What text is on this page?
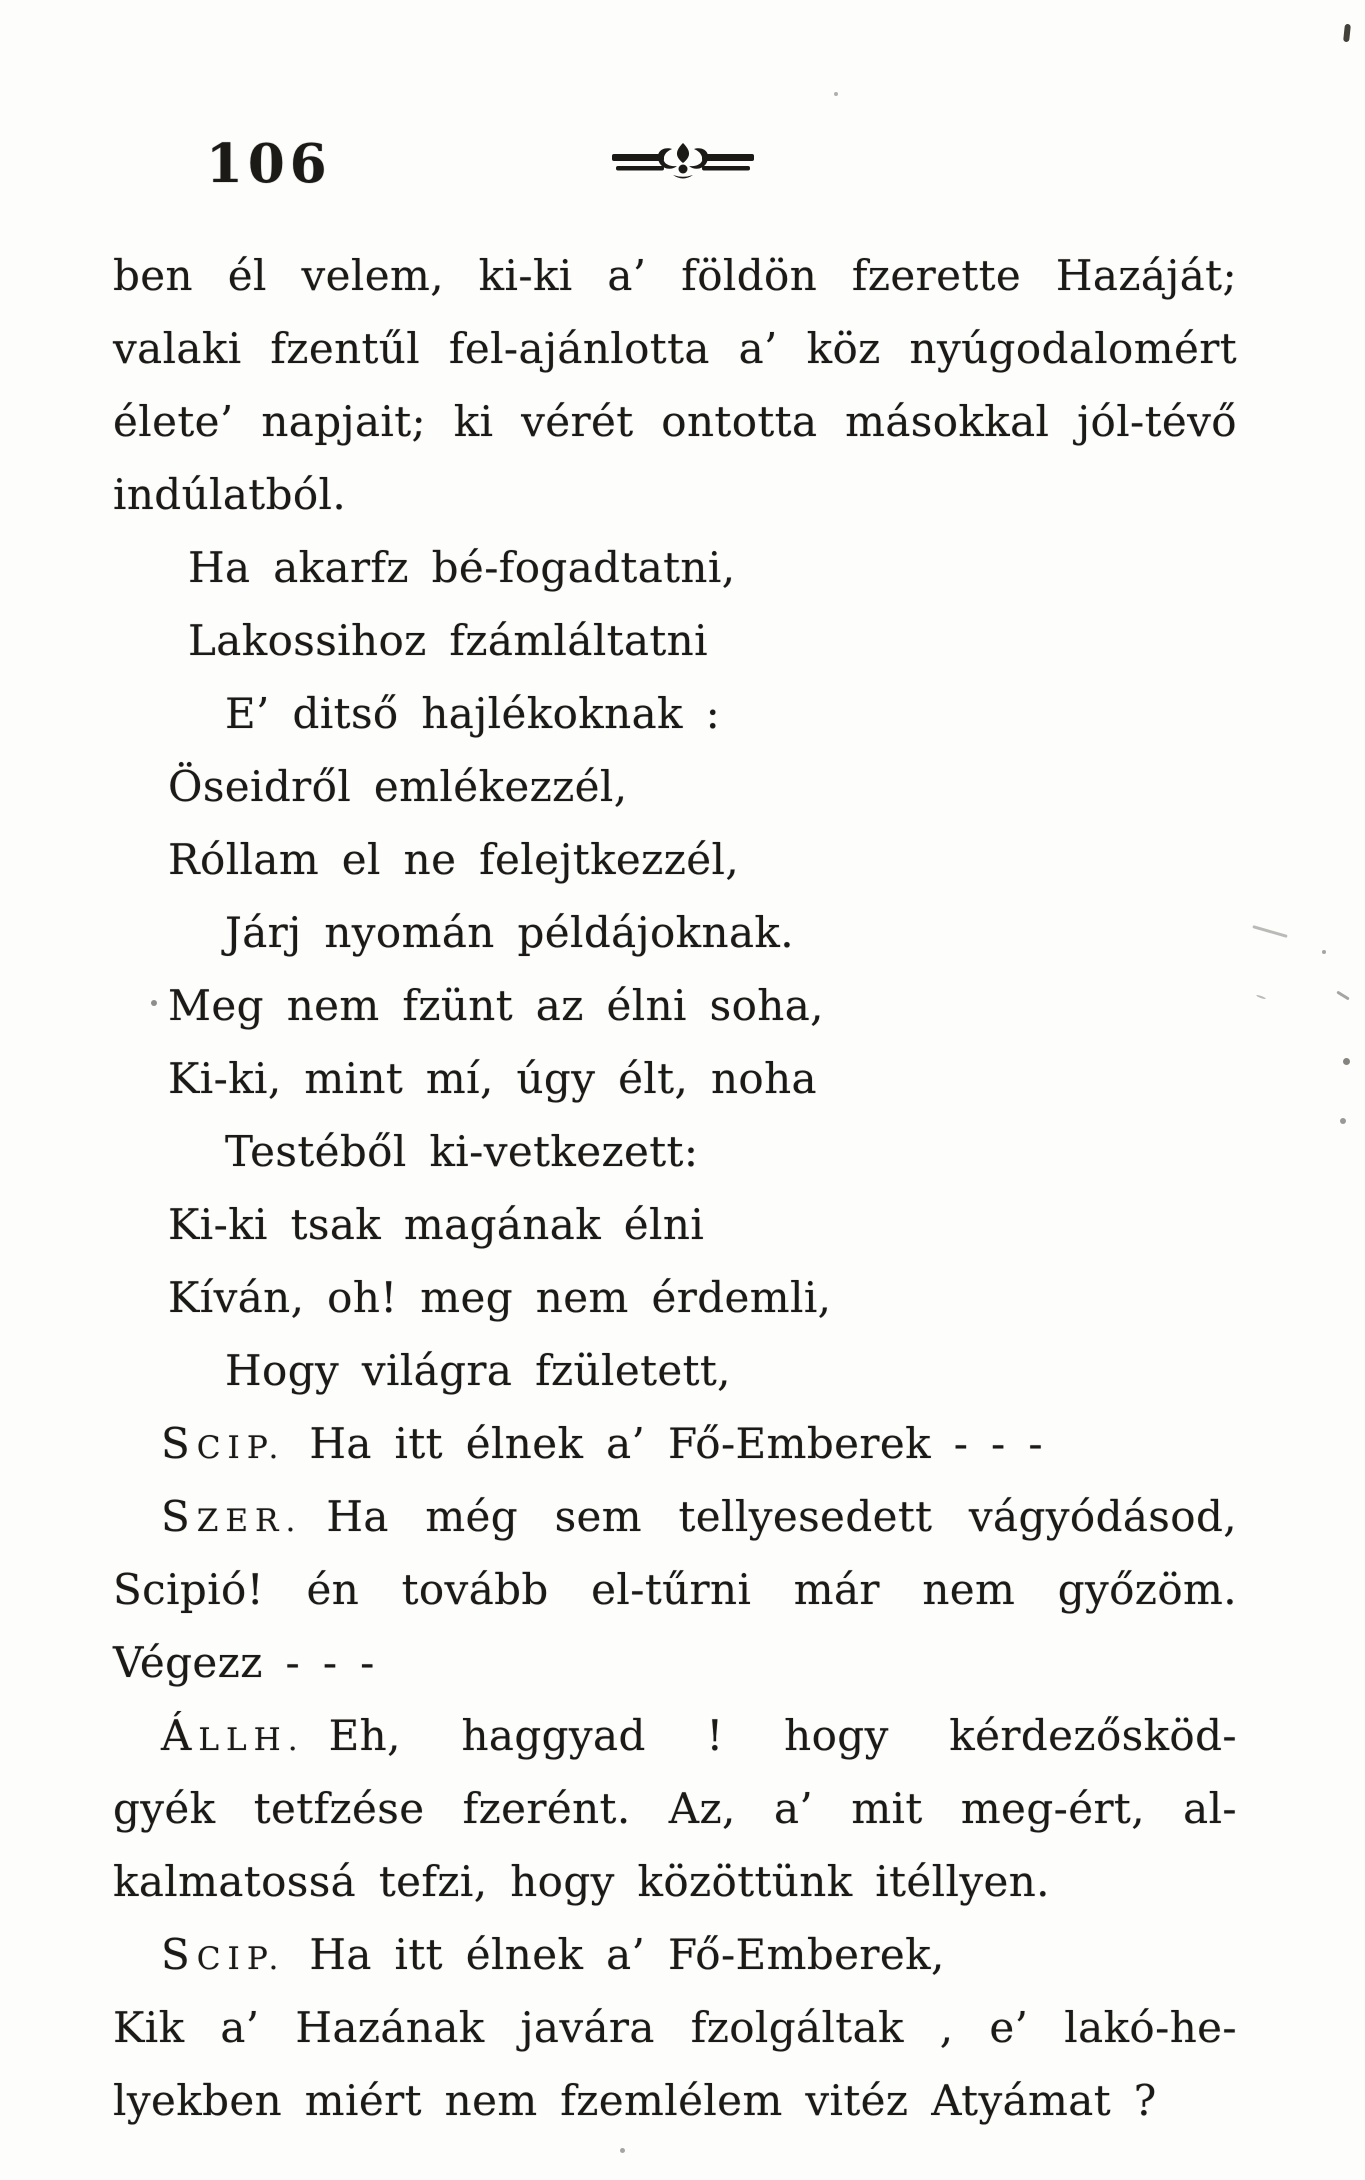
106
ben él velem, ki-ki a’ földön fzerette Hazáját;
valaki fzentűl fel-ajánlotta a’ köz nyúgodalomért
élete’ napjait; ki vérét ontotta másokkal jól-tévő
indúlatból.
Ha akarfz bé-fogadtatni,
Lakossihoz fzámláltatni
E’ ditső hajlékoknak :
Öseidről emlékezzél,
Róllam el ne felejtkezzél,
Járj nyomán példájoknak.
Meg nem fzünt az élni soha,
Ki-ki, mint mí, úgy élt, noha
Testéből ki-vetkezett:
Ki-ki tsak magának élni
Kíván, oh! meg nem érdemli,
Hogy világra fzületett,
SCIP. Ha itt élnek a’ Fő-Emberek - - -
SZER. Ha még sem tellyesedett vágyódásod,
Scipió! én tovább el-tűrni már nem győzöm.
Végezz - - -
ÁLLH. Eh, haggyad ! hogy kérdezősköd-
gyék tetfzése fzerént. Az, a’ mit meg-ért, al-
kalmatossá tefzi, hogy közöttünk itéllyen.
SCIP. Ha itt élnek a’ Fő-Emberek,
Kik a’ Hazának javára fzolgáltak , e’ lakó-he-
lyekben miért nem fzemlélem vitéz Atyámat ?
